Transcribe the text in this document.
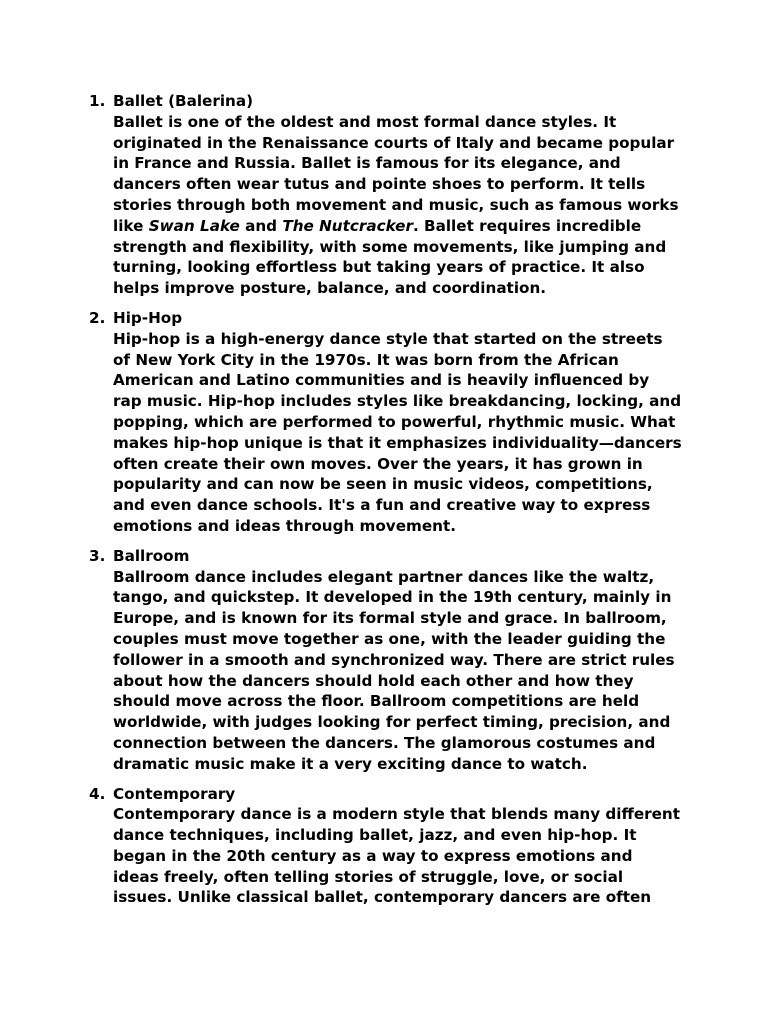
1. Ballet (Balerina)
Ballet is one of the oldest and most formal dance styles. It
originated in the Renaissance courts of Italy and became popular
in France and Russia. Ballet is famous for its elegance, and
dancers often wear tutus and pointe shoes to perform. It tells
stories through both movement and music, such as famous works
like Swan Lake and The Nutcracker. Ballet requires incredible
strength and flexibility, with some movements, like jumping and
turning, looking effortless but taking years of practice. It also
helps improve posture, balance, and coordination.
2. Hip-Hop
Hip-hop is a high-energy dance style that started on the streets
of New York City in the 1970s. It was born from the African
American and Latino communities and is heavily influenced by
rap music. Hip-hop includes styles like breakdancing, locking, and
popping, which are performed to powerful, rhythmic music. What
makes hip-hop unique is that it emphasizes individuality—dancers
often create their own moves. Over the years, it has grown in
popularity and can now be seen in music videos, competitions,
and even dance schools. It's a fun and creative way to express
emotions and ideas through movement.
3. Ballroom
Ballroom dance includes elegant partner dances like the waltz,
tango, and quickstep. It developed in the 19th century, mainly in
Europe, and is known for its formal style and grace. In ballroom,
couples must move together as one, with the leader guiding the
follower in a smooth and synchronized way. There are strict rules
about how the dancers should hold each other and how they
should move across the floor. Ballroom competitions are held
worldwide, with judges looking for perfect timing, precision, and
connection between the dancers. The glamorous costumes and
dramatic music make it a very exciting dance to watch.
4. Contemporary
Contemporary dance is a modern style that blends many different
dance techniques, including ballet, jazz, and even hip-hop. It
began in the 20th century as a way to express emotions and
ideas freely, often telling stories of struggle, love, or social
issues. Unlike classical ballet, contemporary dancers are often
